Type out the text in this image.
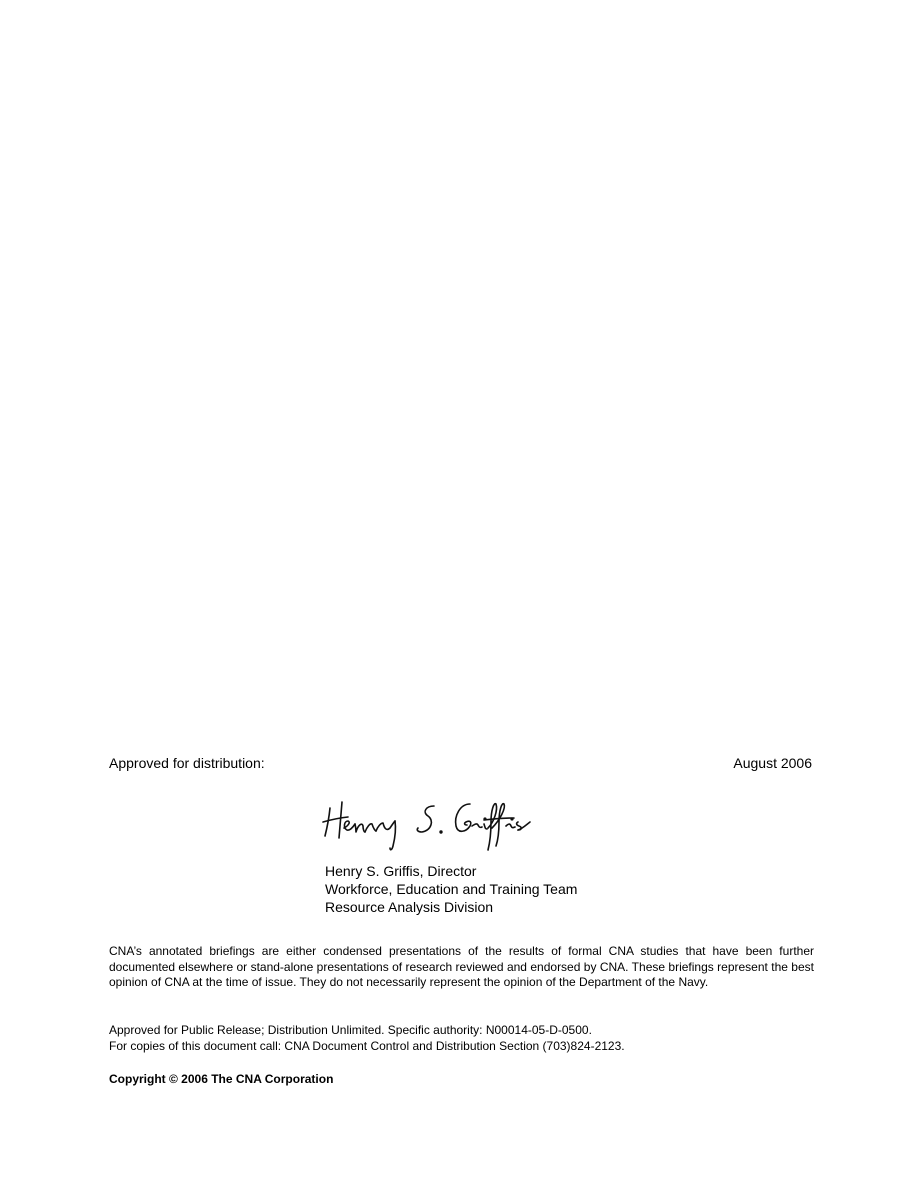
Approved for distribution:	August 2006
Henry S. Griffis, Director
Workforce, Education and Training Team
Resource Analysis Division
CNA’s annotated briefings are either condensed presentations of the results of formal CNA studies that have been further documented elsewhere or stand-alone presentations of research reviewed and endorsed by CNA. These briefings represent the best opinion of CNA at the time of issue. They do not necessarily represent the opinion of the Department of the Navy.
Approved for Public Release; Distribution Unlimited. Specific authority: N00014-05-D-0500.
For copies of this document call: CNA Document Control and Distribution Section (703)824-2123.
Copyright © 2006 The CNA Corporation
